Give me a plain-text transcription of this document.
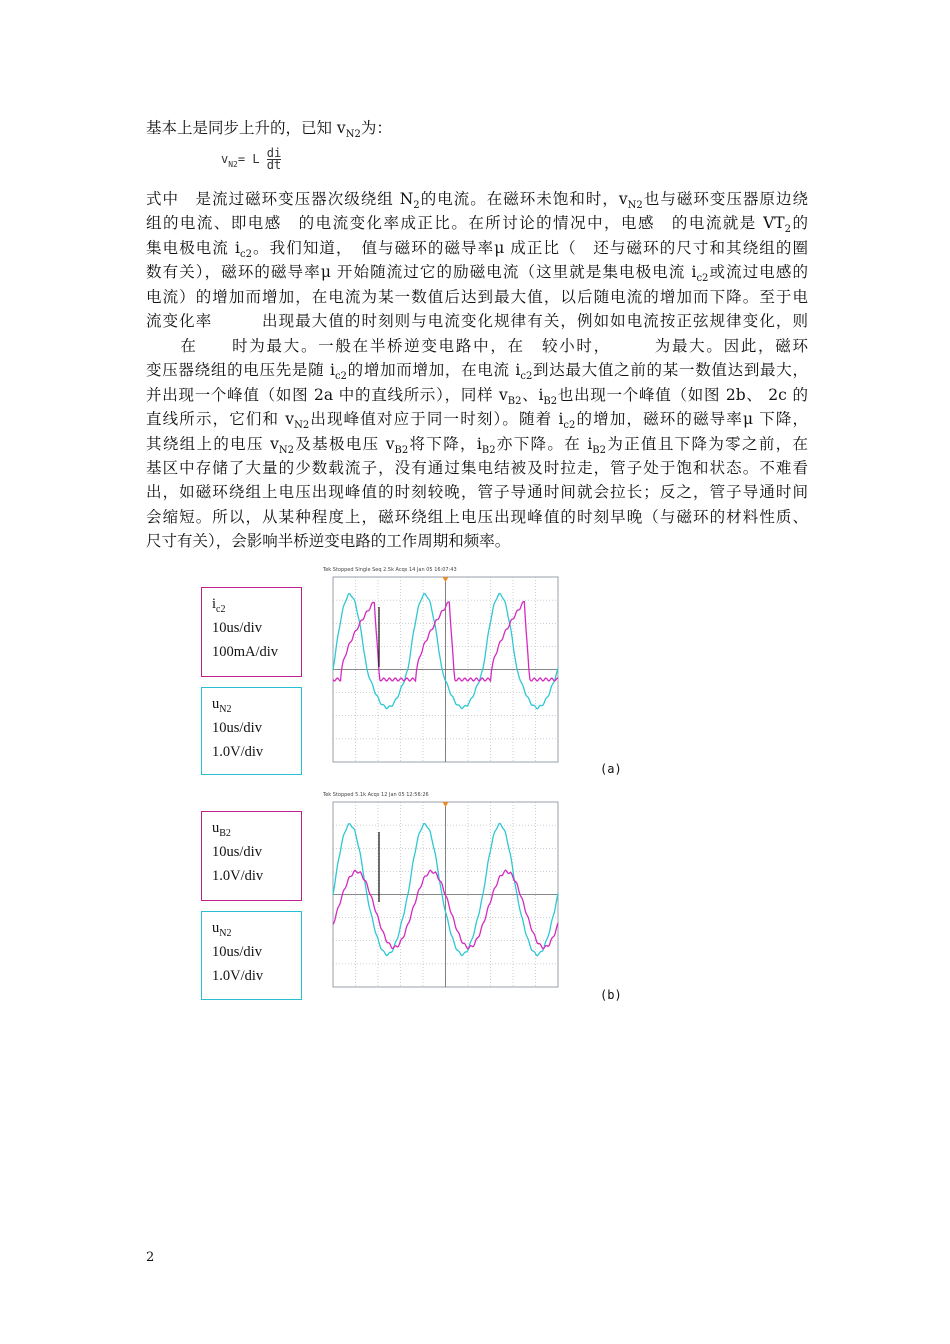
基本上是同步上升的，已知 $v_{N2}$为：
$v_{N2}= L \frac{di}{dt}$
式中　是流过磁环变压器次级绕组 $N_2$的电流。在磁环未饱和时，$v_{N2}$也与磁环变压器原边绕
组的电流、即电感　的电流变化率成正比。在所讨论的情况中，电感　的电流就是 $VT_2$的
集电极电流 $i_{c2}$。我们知道，　值与磁环的磁导率μ 成正比（　还与磁环的尺寸和其绕组的圈
数有关），磁环的磁导率μ 开始随流过它的励磁电流（这里就是集电极电流 $i_{c2}$或流过电感的
电流）的增加而增加，在电流为某一数值后达到最大值，以后随电流的增加而下降。至于电
流变化率　　　出现最大值的时刻则与电流变化规律有关，例如如电流按正弦规律变化，则
　　在　　时为最大。一般在半桥逆变电路中，在　较小时，　　　为最大。因此，磁环
变压器绕组的电压先是随 $i_{c2}$的增加而增加，在电流 $i_{c2}$到达最大值之前的某一数值达到最大，
并出现一个峰值（如图 2a 中的直线所示），同样 $v_{B2}$、$i_{B2}$也出现一个峰值（如图 2b、 2c 的
直线所示，它们和 $v_{N2}$出现峰值对应于同一时刻）。随着 $i_{c2}$的增加，磁环的磁导率μ 下降，
其绕组上的电压 $v_{N2}$及基极电压 $v_{B2}$将下降，$i_{B2}$亦下降。在 $i_{B2}$为正值且下降为零之前，在
基区中存储了大量的少数载流子，没有通过集电结被及时拉走，管子处于饱和状态。不难看
出，如磁环绕组上电压出现峰值的时刻较晚，管子导通时间就会拉长；反之，管子导通时间
会缩短。所以，从某种程度上，磁环绕组上电压出现峰值的时刻早晚（与磁环的材料性质、
尺寸有关），会影响半桥逆变电路的工作周期和频率。
$i_{c2}$
10us/div
100mA/div
$u_{N2}$
10us/div
1.0V/div
Tek Stopped Single Seq 2.5k Acqs 14 Jan 05 16:07:43
(a)
$u_{B2}$
10us/div
1.0V/div
$u_{N2}$
10us/div
1.0V/div
Tek Stopped 5.1k Acqs 12 Jan 05 12:56:26
(b)
2
